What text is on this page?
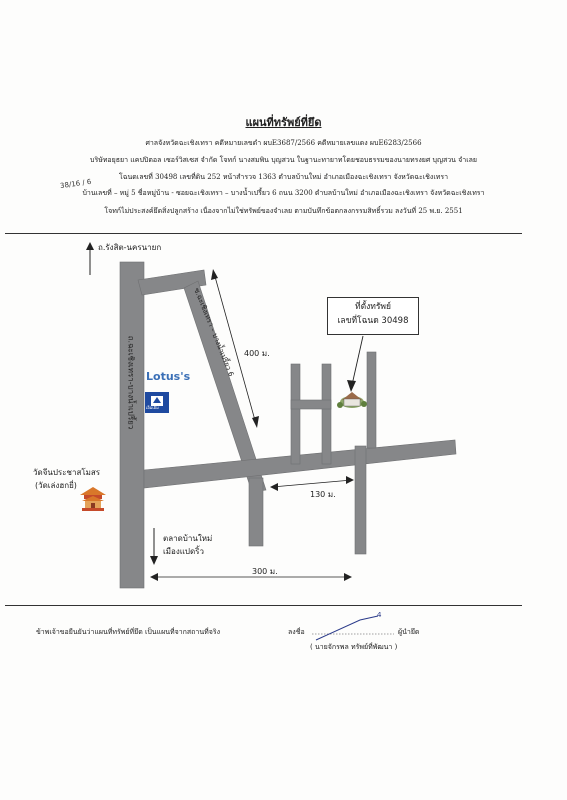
แผนที่ทรัพย์ที่ยึด
ศาลจังหวัดฉะเชิงเทรา คดีหมายเลขดำ ผบE3687/2566 คดีหมายเลขแดง ผบE6283/2566
บริษัทอยุธยา แคปปิตอล เซอร์วิสเซส จำกัด โจทก์ นางสมพิน บุญสวน ในฐานะทายาทโดยชอบธรรมของนายทรงยศ บุญสวน จำเลย
โฉนดเลขที่ 30498 เลขที่ดิน 252 หน้าสำรวจ 1363 ตำบลบ้านใหม่ อำเภอเมืองฉะเชิงเทรา จังหวัดฉะเชิงเทรา
บ้านเลขที่ – หมู่ 5 ชื่อหมู่บ้าน - ซอยฉะเชิงเทรา – บางน้ำเปรี้ยว 6 ถนน 3200 ตำบลบ้านใหม่ อำเภอเมืองฉะเชิงเทรา จังหวัดฉะเชิงเทรา
โจทก์ไม่ประสงค์ยึดสิ่งปลูกสร้าง เนื่องจากไม่ใช่ทรัพย์ของจำเลย ตามบันทึกข้อตกลงกรรมสิทธิ์รวม ลงวันที่ 25 พ.ย. 2551
38/16 / 6
ถ.รังสิต-นครนายก
ถ.ฉะเชิงเทรา-บางน้ำเปรี้ยว
ซ.ฉะเชิงเทรา – บางน้ำเปรี้ยว 6 400 ม.
130 ม.
300 ม.
ที่ตั้งทรัพย์
เลขที่โฉนด 30498
Lotus's
เอ็มเอ็ม
วัดจีนประชาสโมสร
(วัดเล่งฮกยี่)
ตลาดบ้านใหม่
เมืองแปดริ้ว
ข้าพเจ้าขอยืนยันว่าแผนที่ทรัพย์ที่ยึด เป็นแผนที่จากสถานที่จริง	ลงชื่อ
4
ผู้นำยึด
( นายจักรพล ทรัพย์ที่พัฒนา )
